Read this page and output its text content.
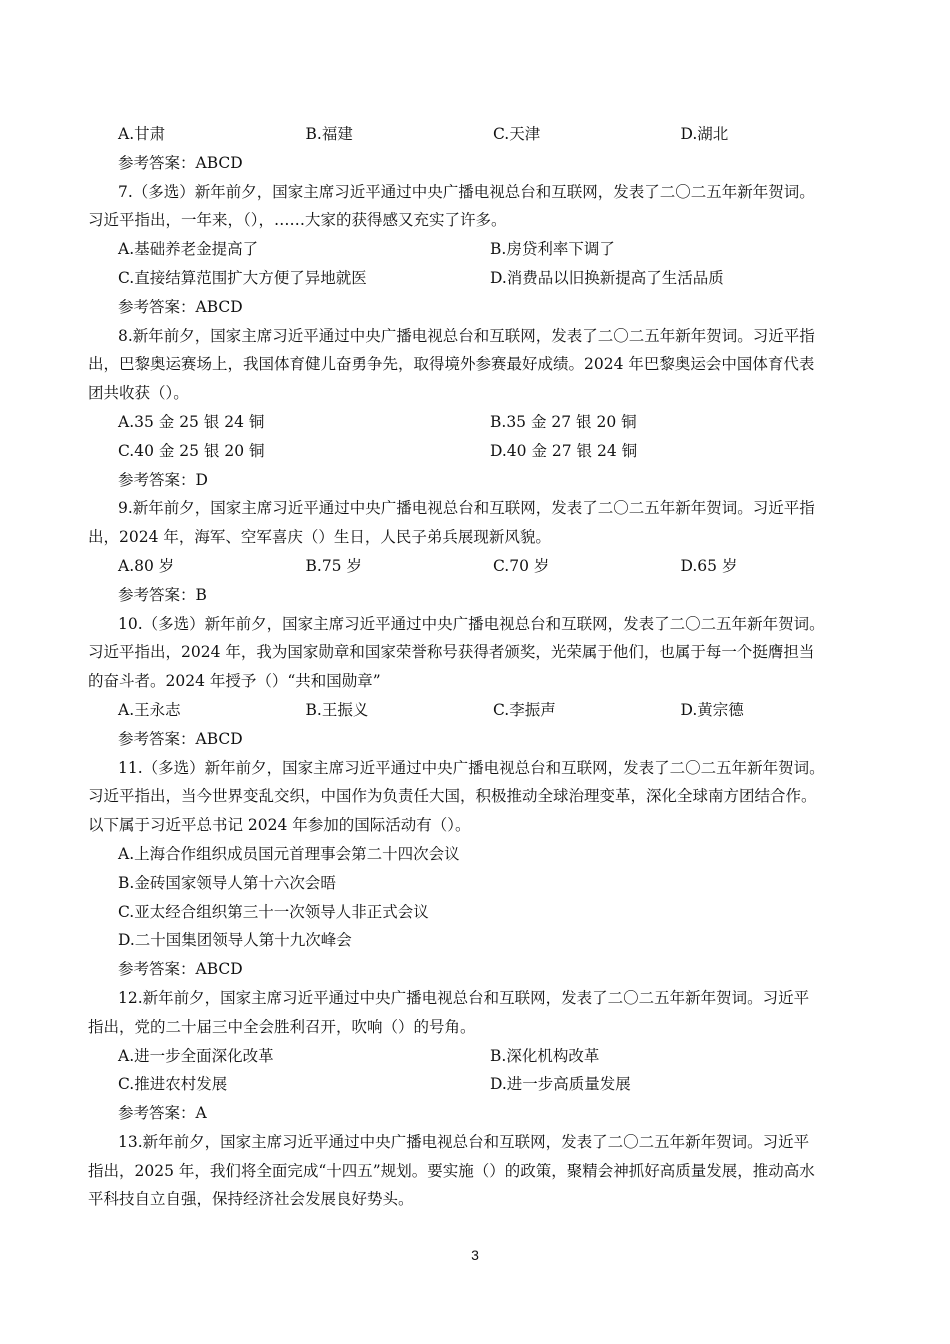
A.甘肃	B.福建	C.天津	D.湖北
参考答案：ABCD
7.（多选）新年前夕，国家主席习近平通过中央广播电视总台和互联网，发表了二〇二五年新年贺词。
习近平指出，一年来，（），……大家的获得感又充实了许多。
A.基础养老金提高了	B.房贷利率下调了
C.直接结算范围扩大方便了异地就医	D.消费品以旧换新提高了生活品质
参考答案：ABCD
8.新年前夕，国家主席习近平通过中央广播电视总台和互联网，发表了二〇二五年新年贺词。习近平指
出，巴黎奥运赛场上，我国体育健儿奋勇争先，取得境外参赛最好成绩。2024 年巴黎奥运会中国体育代表
团共收获（）。
A.35 金 25 银 24 铜	B.35 金 27 银 20 铜
C.40 金 25 银 20 铜	D.40 金 27 银 24 铜
参考答案：D
9.新年前夕，国家主席习近平通过中央广播电视总台和互联网，发表了二〇二五年新年贺词。习近平指
出，2024 年，海军、空军喜庆（）生日，人民子弟兵展现新风貌。
A.80 岁	B.75 岁	C.70 岁	D.65 岁
参考答案：B
10.（多选）新年前夕，国家主席习近平通过中央广播电视总台和互联网，发表了二〇二五年新年贺词。
习近平指出，2024 年，我为国家勋章和国家荣誉称号获得者颁奖，光荣属于他们，也属于每一个挺膺担当
的奋斗者。2024 年授予（）“共和国勋章”
A.王永志	B.王振义	C.李振声	D.黄宗德
参考答案：ABCD
11.（多选）新年前夕，国家主席习近平通过中央广播电视总台和互联网，发表了二〇二五年新年贺词。
习近平指出，当今世界变乱交织，中国作为负责任大国，积极推动全球治理变革，深化全球南方团结合作。
以下属于习近平总书记 2024 年参加的国际活动有（）。
A.上海合作组织成员国元首理事会第二十四次会议
B.金砖国家领导人第十六次会晤
C.亚太经合组织第三十一次领导人非正式会议
D.二十国集团领导人第十九次峰会
参考答案：ABCD
12.新年前夕，国家主席习近平通过中央广播电视总台和互联网，发表了二〇二五年新年贺词。习近平
指出，党的二十届三中全会胜利召开，吹响（）的号角。
A.进一步全面深化改革	B.深化机构改革
C.推进农村发展	D.进一步高质量发展
参考答案：A
13.新年前夕，国家主席习近平通过中央广播电视总台和互联网，发表了二〇二五年新年贺词。习近平
指出，2025 年，我们将全面完成“十四五”规划。要实施（）的政策，聚精会神抓好高质量发展，推动高水
平科技自立自强，保持经济社会发展良好势头。
3
